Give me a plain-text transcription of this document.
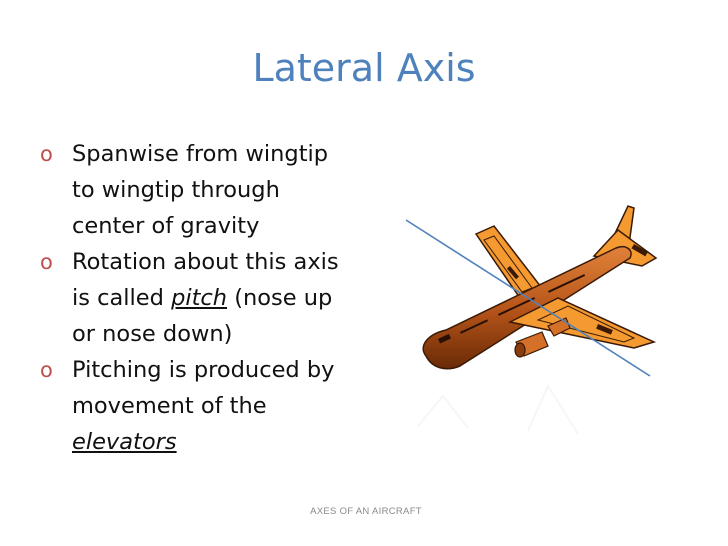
Lateral Axis
o Spanwise from wingtip
to wingtip through
center of gravity
o Rotation about this axis
is called pitch (nose up
or nose down)
o Pitching is produced by
movement of the
elevators
AXES OF AN AIRCRAFT
